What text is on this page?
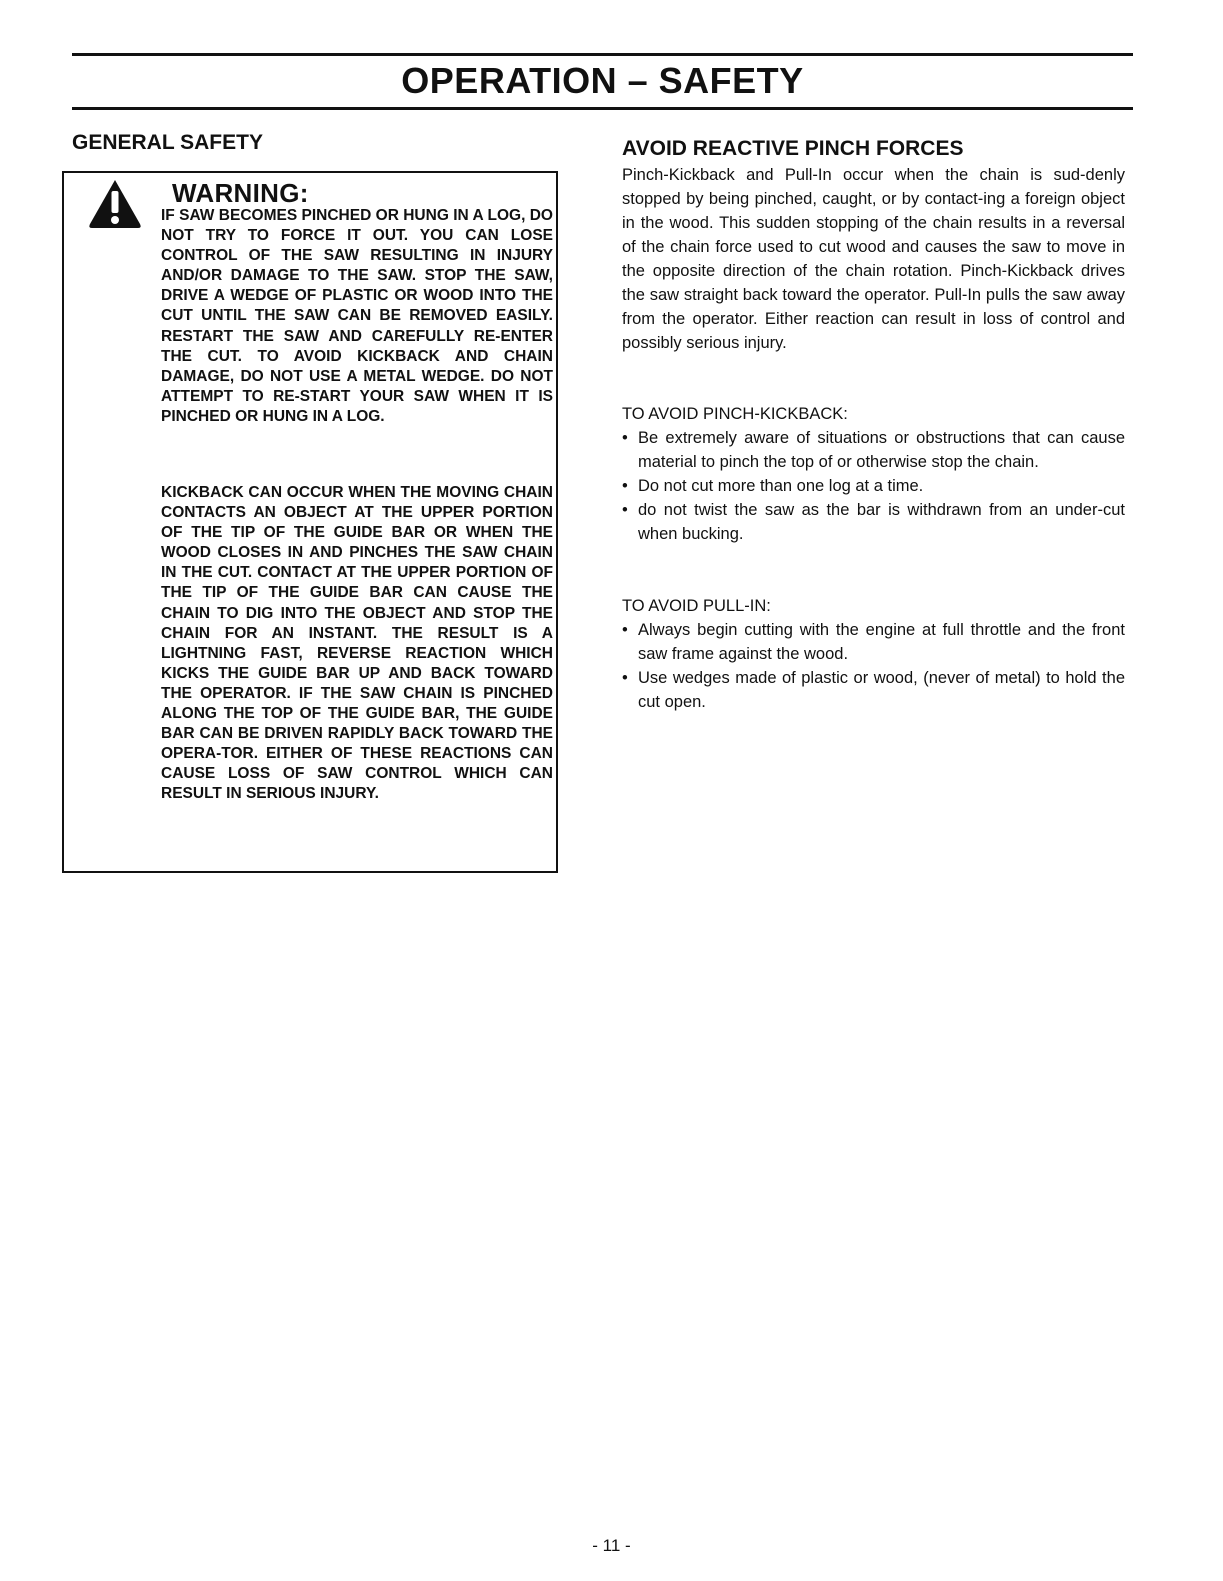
OPERATION – SAFETY
GENERAL SAFETY
WARNING:

IF SAW BECOMES PINCHED OR HUNG IN A LOG, DO NOT TRY TO FORCE IT OUT. YOU CAN LOSE CONTROL OF THE SAW RESULTING IN INJURY AND/OR DAMAGE TO THE SAW. STOP THE SAW, DRIVE A WEDGE OF PLASTIC OR WOOD INTO THE CUT UNTIL THE SAW CAN BE REMOVED EASILY. RESTART THE SAW AND CAREFULLY RE-ENTER THE CUT. TO AVOID KICKBACK AND CHAIN DAMAGE, DO NOT USE A METAL WEDGE. DO NOT ATTEMPT TO RE-START YOUR SAW WHEN IT IS PINCHED OR HUNG IN A LOG.

KICKBACK CAN OCCUR WHEN THE MOVING CHAIN CONTACTS AN OBJECT AT THE UPPER PORTION OF THE TIP OF THE GUIDE BAR OR WHEN THE WOOD CLOSES IN AND PINCHES THE SAW CHAIN IN THE CUT. CONTACT AT THE UPPER PORTION OF THE TIP OF THE GUIDE BAR CAN CAUSE THE CHAIN TO DIG INTO THE OBJECT AND STOP THE CHAIN FOR AN INSTANT. THE RESULT IS A LIGHTNING FAST, REVERSE REACTION WHICH KICKS THE GUIDE BAR UP AND BACK TOWARD THE OPERATOR. IF THE SAW CHAIN IS PINCHED ALONG THE TOP OF THE GUIDE BAR, THE GUIDE BAR CAN BE DRIVEN RAPIDLY BACK TOWARD THE OPERA-TOR. EITHER OF THESE REACTIONS CAN CAUSE LOSS OF SAW CONTROL WHICH CAN RESULT IN SERIOUS INJURY.

AVOID REACTIVE PINCH FORCES

Pinch-Kickback and Pull-In occur when the chain is sud-denly stopped by being pinched, caught, or by contact-ing a foreign object in the wood. This sudden stopping of the chain results in a reversal of the chain force used to cut wood and causes the saw to move in the opposite direction of the chain rotation. Pinch-Kickback drives the saw straight back toward the operator. Pull-In pulls the saw away from the operator. Either reaction can result in loss of control and possibly serious injury.

TO AVOID PINCH-KICKBACK:

• Be extremely aware of situations or obstructions that can cause material to pinch the top of or otherwise stop the chain.
• Do not cut more than one log at a time.
• do not twist the saw as the bar is withdrawn from an under-cut when bucking.

TO AVOID PULL-IN:

• Always begin cutting with the engine at full throttle and the front saw frame against the wood.
• Use wedges made of plastic or wood, (never of metal) to hold the cut open.
- 11 -
